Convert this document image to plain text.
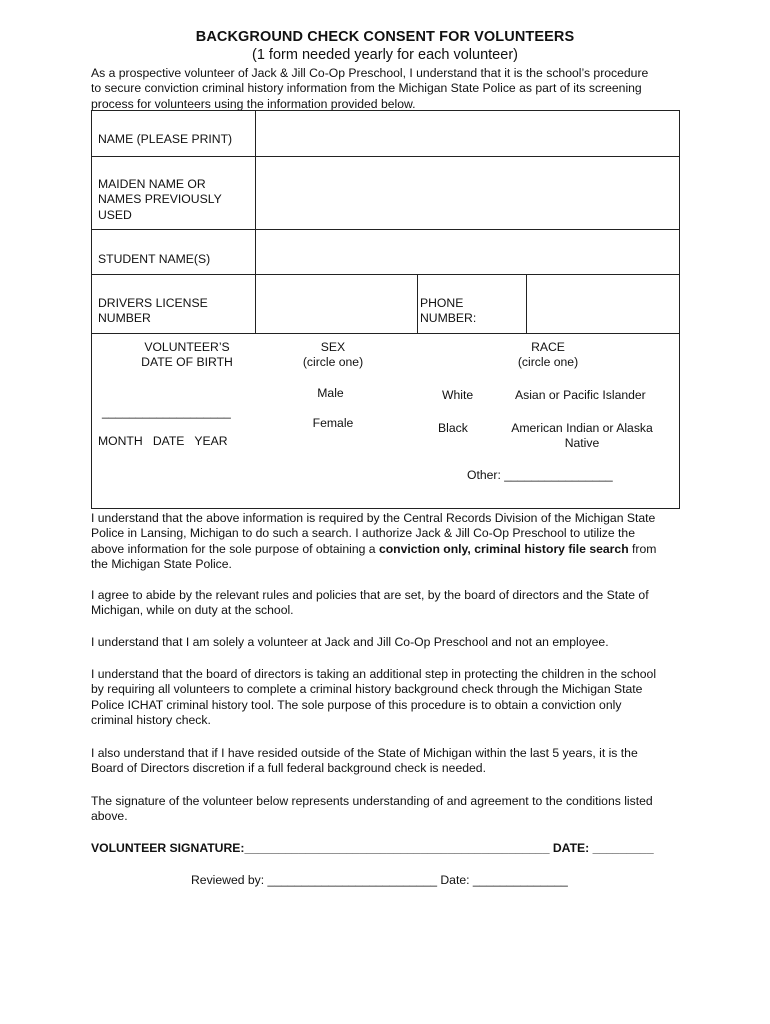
BACKGROUND CHECK CONSENT FOR VOLUNTEERS
(1 form needed yearly for each volunteer)
As a prospective volunteer of Jack & Jill Co-Op Preschool, I understand that it is the school’s procedure
to secure conviction criminal history information from the Michigan State Police as part of its screening
process for volunteers using the information provided below.
NAME (PLEASE PRINT)
MAIDEN NAME OR
NAMES PREVIOUSLY
USED
STUDENT NAME(S)
DRIVERS LICENSE
NUMBER
PHONE
NUMBER:
VOLUNTEER’S
DATE OF BIRTH
___________________
MONTH   DATE   YEAR
SEX
(circle one)
Male
Female
RACE
(circle one)
White	Asian or Pacific Islander
Black	American Indian or Alaska
Native
Other: ________________
I understand that the above information is required by the Central Records Division of the Michigan State
Police in Lansing, Michigan to do such a search. I authorize Jack & Jill Co-Op Preschool to utilize the
above information for the sole purpose of obtaining a conviction only, criminal history file search from
the Michigan State Police.
I agree to abide by the relevant rules and policies that are set, by the board of directors and the State of
Michigan, while on duty at the school.
I understand that I am solely a volunteer at Jack and Jill Co-Op Preschool and not an employee.
I understand that the board of directors is taking an additional step in protecting the children in the school
by requiring all volunteers to complete a criminal history background check through the Michigan State
Police ICHAT criminal history tool. The sole purpose of this procedure is to obtain a conviction only
criminal history check.
I also understand that if I have resided outside of the State of Michigan within the last 5 years, it is the
Board of Directors discretion if a full federal background check is needed.
The signature of the volunteer below represents understanding of and agreement to the conditions listed
above.
VOLUNTEER SIGNATURE:_____________________________________________ DATE: _________
Reviewed by: _________________________ Date: ______________
